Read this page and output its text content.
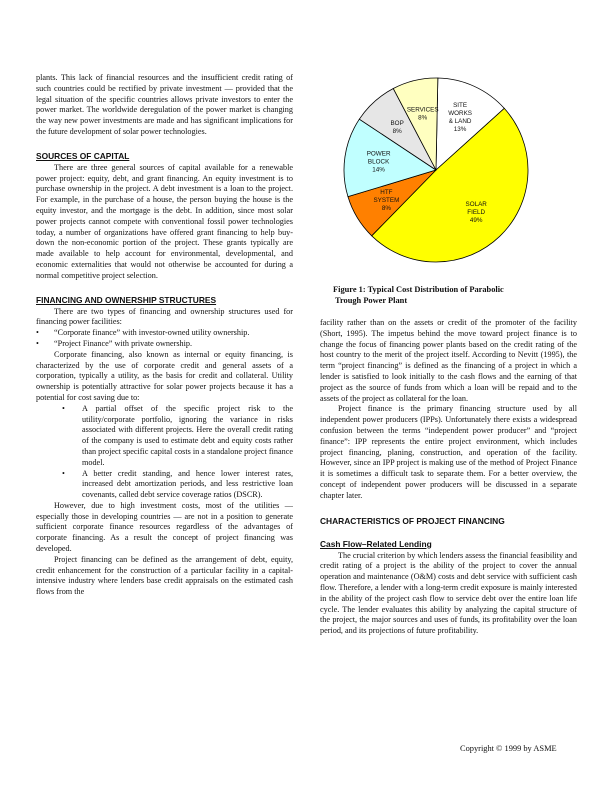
plants. This lack of financial resources and the insufficient credit rating of such countries could be rectified by private investment — provided that the legal situation of the specific countries allows private investors to enter the power market. The worldwide deregulation of the power market is changing the way new power investments are made and has significant implications for the future development of solar power technologies.

SOURCES OF CAPITAL

There are three general sources of capital available for a renewable power project: equity, debt, and grant financing. An equity investment is to purchase ownership in the project. A debt investment is a loan to the project. For example, in the purchase of a house, the person buying the house is the equity investor, and the mortgage is the debt. In addition, since most solar power projects cannot compete with conventional fossil power technologies today, a number of organizations have offered grant financing to help buy-down the non-economic portion of the project. These grants typically are made available to help account for environmental, developmental, and economic externalities that would not otherwise be accounted for during a normal competitive project selection.

FINANCING AND OWNERSHIP STRUCTURES

There are two types of financing and ownership structures used for financing power facilities:

• “Corporate finance” with investor-owned utility ownership.
• “Project Finance” with private ownership.

Corporate financing, also known as internal or equity financing, is characterized by the use of corporate credit and general assets of a corporation, typically a utility, as the basis for credit and collateral. Utility ownership is potentially attractive for solar power projects because it has a potential for cost saving due to:

• A partial offset of the specific project risk to the utility/corporate portfolio, ignoring the variance in risks associated with different projects. Here the overall credit rating of the company is used to estimate debt and equity costs rather than project specific capital costs in a standalone project finance model.
• A better credit standing, and hence lower interest rates, increased debt amortization periods, and less restrictive loan covenants, called debt service coverage ratios (DSCR).

However, due to high investment costs, most of the utilities — especially those in developing countries — are not in a position to generate sufficient corporate finance resources regardless of the advantages of corporate financing. As a result the concept of project financing was developed.

Project financing can be defined as the arrangement of debt, equity, credit enhancement for the construction of a particular facility in a capital-intensive industry where lenders base credit appraisals on the estimated cash flows from the

SITE WORKS & LAND 13%
SOLAR FIELD 49%
HTF SYSTEM 8%
POWER BLOCK 14%
BOP 8%
SERVICES 8%
Figure 1: Typical Cost Distribution of Parabolic
Trough Power Plant

facility rather than on the assets or credit of the promoter of the facility (Short, 1995). The impetus behind the move toward project finance is to change the focus of financing power plants based on the credit rating of the host country to the merit of the project itself. According to Nevitt (1995), the term “project financing” is defined as the financing of a project in which a lender is satisfied to look initially to the cash flows and the earning of that project as the source of funds from which a loan will be repaid and to the assets of the project as collateral for the loan.

Project finance is the primary financing structure used by all independent power producers (IPPs). Unfortunately there exists a widespread confusion between the terms “independent power producer” and “project finance”: IPP represents the entire project environment, which includes project financing, planing, construction, and operation of the facility. However, since an IPP project is making use of the method of Project Finance it is sometimes a difficult task to separate them. For a better overview, the concept of independent power producers will be discussed in a separate chapter later.

CHARACTERISTICS OF PROJECT FINANCING
Cash Flow–Related Lending

The crucial criterion by which lenders assess the financial feasibility and credit rating of a project is the ability of the project to cover the annual operation and maintenance (O&M) costs and debt service with sufficient cash flow. Therefore, a lender with a long-term credit exposure is mainly interested in the ability of the project cash flow to service debt over the entire loan life cycle. The lender evaluates this ability by analyzing the capital structure of the project, the major sources and uses of funds, its profitability over the loan period, and its projections of future profitability.

Copyright © 1999 by ASME
